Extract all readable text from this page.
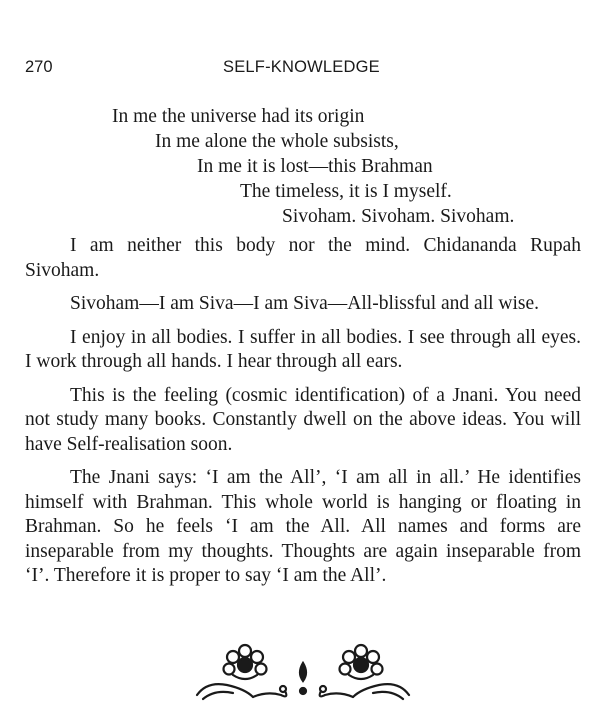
270	SELF-KNOWLEDGE
In me the universe had its origin
In me alone the whole subsists,
In me it is lost—this Brahman
The timeless, it is I myself.
Sivoham. Sivoham. Sivoham.

I am neither this body nor the mind. Chidananda Rupah Sivoham.

Sivoham—I am Siva—I am Siva—All-blissful and all wise.

I enjoy in all bodies. I suffer in all bodies. I see through all eyes. I work through all hands. I hear through all ears.

This is the feeling (cosmic identification) of a Jnani. You need not study many books. Constantly dwell on the above ideas. You will have Self-realisation soon.

The Jnani says: ‘I am the All’, ‘I am all in all.’ He identifies himself with Brahman. This whole world is hanging or floating in Brahman. So he feels ‘I am the All. All names and forms are inseparable from my thoughts. Thoughts are again inseparable from ‘I’. Therefore it is proper to say ‘I am the All’.
